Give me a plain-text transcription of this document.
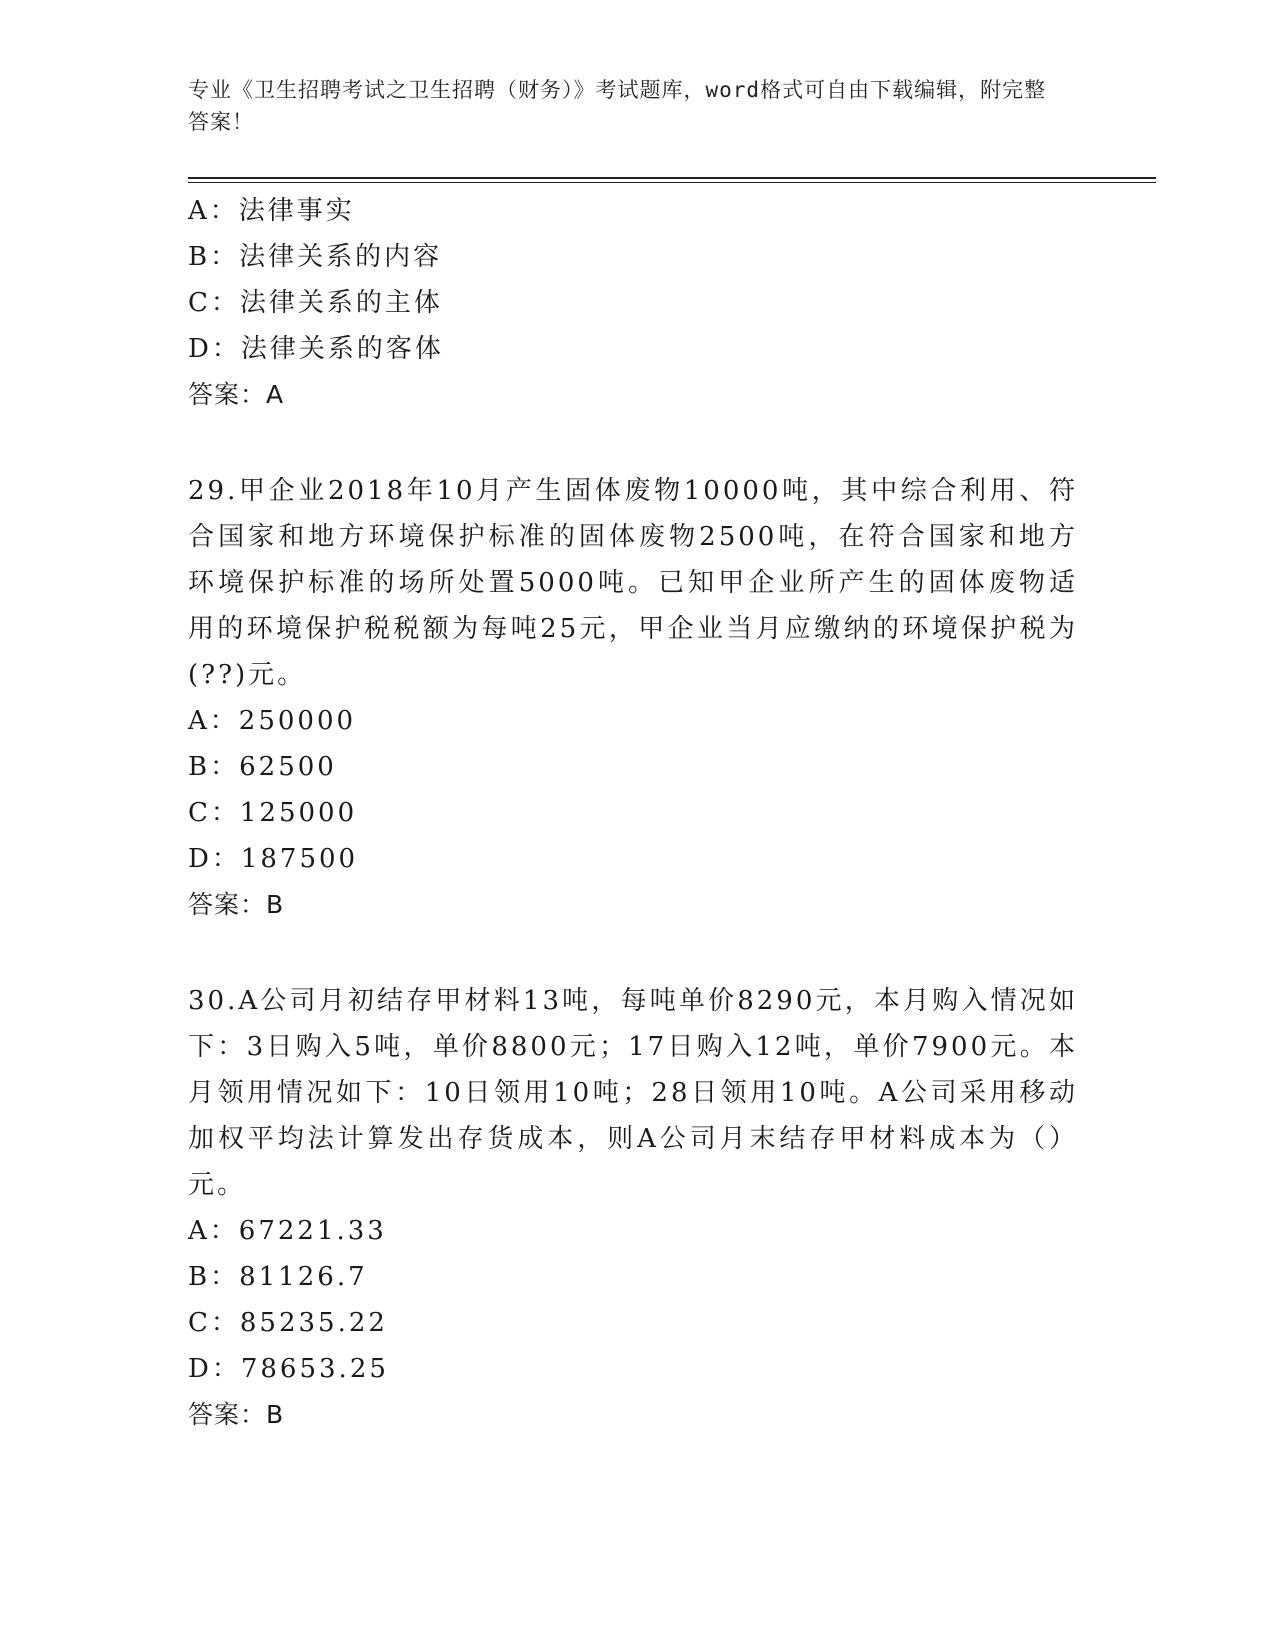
专业《卫生招聘考试之卫生招聘（财务）》考试题库，word格式可自由下载编辑，附完整答案！

A：法律事实

B：法律关系的内容

C：法律关系的主体

D：法律关系的客体

答案：A

29.甲企业2018年10月产生固体废物10000吨，其中综合利用、符合国家和地方环境保护标准的固体废物2500吨，在符合国家和地方环境保护标准的场所处置5000吨。已知甲企业所产生的固体废物适用的环境保护税税额为每吨25元，甲企业当月应缴纳的环境保护税为(??)元。

A：250000

B：62500

C：125000

D：187500

答案：B

30.A公司月初结存甲材料13吨，每吨单价8290元，本月购入情况如下：3日购入5吨，单价8800元；17日购入12吨，单价7900元。本月领用情况如下：10日领用10吨；28日领用10吨。A公司采用移动加权平均法计算发出存货成本，则A公司月末结存甲材料成本为（）元。

A：67221.33

B：81126.7

C：85235.22

D：78653.25

答案：B
